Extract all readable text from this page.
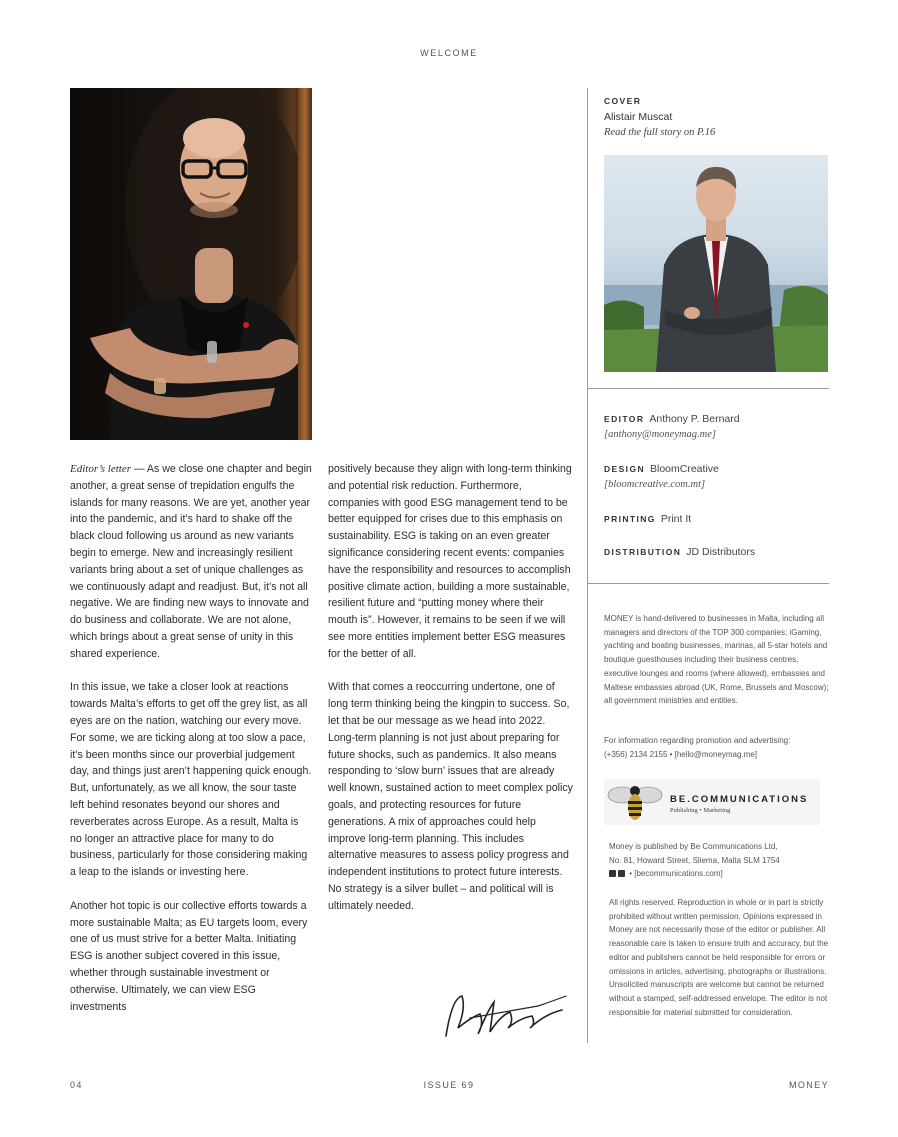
WELCOME

Editor’s letter — As we close one chapter and begin another, a great sense of trepidation engulfs the islands for many reasons. We are yet, another year into the pandemic, and it’s hard to shake off the black cloud following us around as new variants begin to emerge. New and increasingly resilient variants bring about a set of unique challenges as we continuously adapt and readjust. But, it’s not all negative. We are finding new ways to innovate and do business and collaborate. We are not alone, which brings about a great sense of unity in this shared experience.

In this issue, we take a closer look at reactions towards Malta’s efforts to get off the grey list, as all eyes are on the nation, watching our every move. For some, we are ticking along at too slow a pace, it’s been months since our proverbial judgement day, and things just aren’t happening quick enough. But, unfortunately, as we all know, the sour taste left behind resonates beyond our shores and reverberates across Europe. As a result, Malta is no longer an attractive place for many to do business, particularly for those considering making a leap to the islands or investing here.

Another hot topic is our collective efforts towards a more sustainable Malta; as EU targets loom, every one of us must strive for a better Malta. Initiating ESG is another subject covered in this issue, whether through sustainable investment or otherwise. Ultimately, we can view ESG investments

positively because they align with long-term thinking and potential risk reduction. Furthermore, companies with good ESG management tend to be better equipped for crises due to this emphasis on sustainability. ESG is taking on an even greater significance considering recent events: companies have the responsibility and resources to accomplish positive climate action, building a more sustainable, resilient future and “putting money where their mouth is”. However, it remains to be seen if we will see more entities implement better ESG measures for the better of all.

With that comes a reoccurring undertone, one of long term thinking being the kingpin to success. So, let that be our message as we head into 2022. Long-term planning is not just about preparing for future shocks, such as pandemics. It also means responding to ‘slow burn’ issues that are already well known, sustained action to meet complex policy goals, and protecting resources for future generations. A mix of approaches could help improve long-term planning. This includes alternative measures to assess policy progress and independent institutions to protect future interests. No strategy is a silver bullet – and political will is ultimately needed.

COVER
Alistair Muscat
Read the full story on P.16
EDITOR Anthony P. Bernard
[anthony@moneymag.me]
DESIGN BloomCreative
[bloomcreative.com.mt]
PRINTING Print It
DISTRIBUTION JD Distributors
MONEY is hand-delivered to businesses in Malta, including all managers and directors of the TOP 300 companies; iGaming, yachting and boating businesses, marinas, all 5-star hotels and boutique guesthouses including their business centres, executive lounges and rooms (where allowed), embassies and Maltese embassies abroad (UK, Rome, Brussels and Moscow); all government ministries and entities.
For information regarding promotion and advertising:
(+356) 2134 2155 • [hello@moneymag.me]
BE.COMMUNICATIONS
Publishing • Marketing
Money is published by Be Communications Ltd,
No. 81, Howard Street, Sliema, Malta SLM 1754
• [becommunications.com]
All rights reserved. Reproduction in whole or in part is strictly prohibited without written permission. Opinions expressed in Money are not necessarily those of the editor or publisher. All reasonable care is taken to ensure truth and accuracy, but the editor and publishers cannot be held responsible for errors or omissions in articles, advertising, photographs or illustrations. Unsolicited manuscripts are welcome but cannot be returned without a stamped, self-addressed envelope. The editor is not responsible for material submitted for consideration.
04	ISSUE 69	MONEY
